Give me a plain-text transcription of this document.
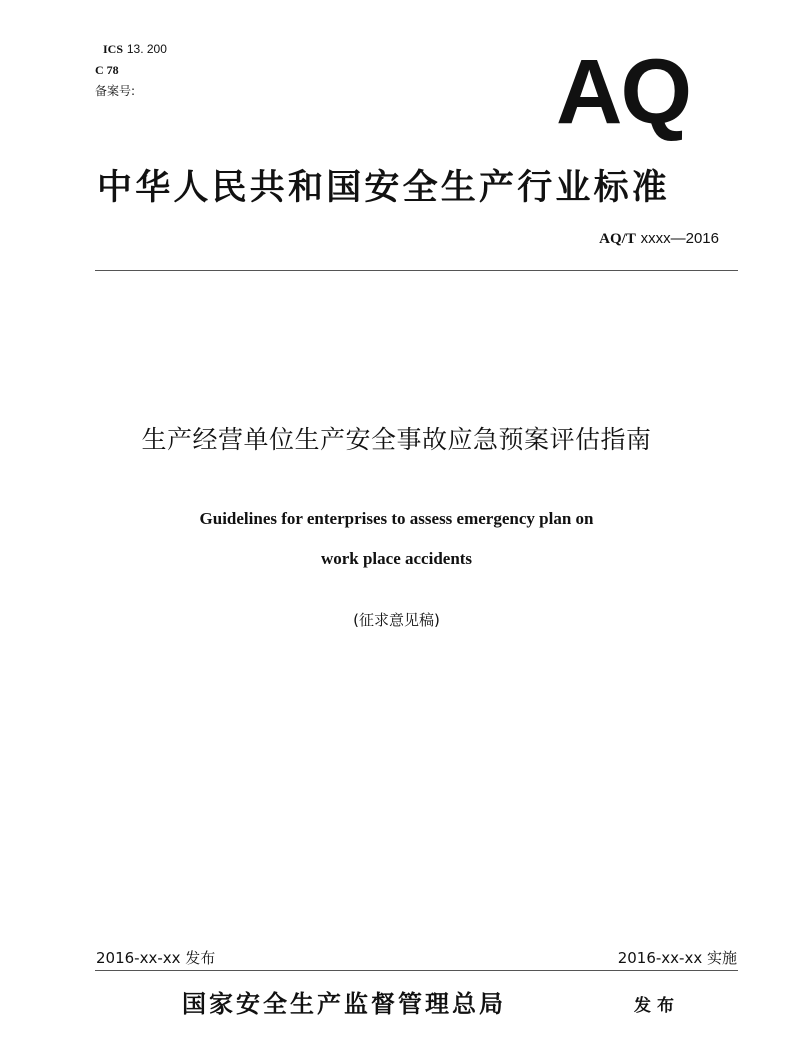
ICS 13. 200
C 78
备案号:	AQ
中华人民共和国安全生产行业标准
AQ/T xxxx—2016
生产经营单位生产安全事故应急预案评估指南
Guidelines for enterprises to assess emergency plan on
work place accidents
(征求意见稿)
2016-xx-xx 发布	2016-xx-xx 实施
国家安全生产监督管理总局	发布
